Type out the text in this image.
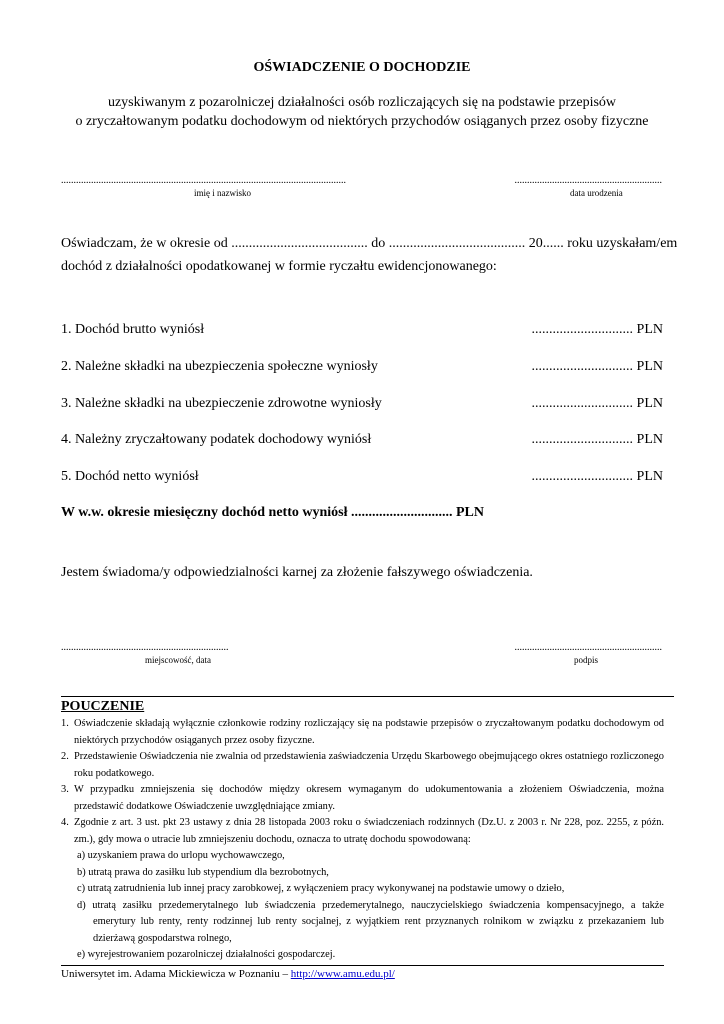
OŚWIADCZENIE O DOCHODZIE
uzyskiwanym z pozarolniczej działalności osób rozliczających się na podstawie przepisów
o zryczałtowanym podatku dochodowym od niektórych przychodów osiąganych przez osoby fizyczne
..................................................................................................................
imię i nazwisko
...........................................................
data urodzenia
Oświadczam, że w okresie od ....................................... do ....................................... 20...... roku uzyskałam/em
dochód z działalności opodatkowanej w formie ryczałtu ewidencjonowanego:
1. Dochód brutto wyniósł	............................. PLN
2. Należne składki na ubezpieczenia społeczne wyniosły	............................. PLN
3. Należne składki na ubezpieczenie zdrowotne wyniosły	............................. PLN
4. Należny zryczałtowany podatek dochodowy wyniósł	............................. PLN
5. Dochód netto wyniósł	............................. PLN
W w.w. okresie miesięczny dochód netto wyniósł ............................. PLN
Jestem świadoma/y odpowiedzialności karnej za złożenie fałszywego oświadczenia.
...................................................................
miejscowość, data
...........................................................
podpis
POUCZENIE
1. Oświadczenie składają wyłącznie członkowie rodziny rozliczający się na podstawie przepisów o zryczałtowanym podatku dochodowym od niektórych przychodów osiąganych przez osoby fizyczne.
2. Przedstawienie Oświadczenia nie zwalnia od przedstawienia zaświadczenia Urzędu Skarbowego obejmującego okres ostatniego rozliczonego roku podatkowego.
3. W przypadku zmniejszenia się dochodów między okresem wymaganym do udokumentowania a złożeniem Oświadczenia, można przedstawić dodatkowe Oświadczenie uwzględniające zmiany.
4. Zgodnie z art. 3 ust. pkt 23 ustawy z dnia 28 listopada 2003 roku o świadczeniach rodzinnych (Dz.U. z 2003 r. Nr 228, poz. 2255, z późn. zm.), gdy mowa o utracie lub zmniejszeniu dochodu, oznacza to utratę dochodu spowodowaną:
a) uzyskaniem prawa do urlopu wychowawczego,
b) utratą prawa do zasiłku lub stypendium dla bezrobotnych,
c) utratą zatrudnienia lub innej pracy zarobkowej, z wyłączeniem pracy wykonywanej na podstawie umowy o dzieło,
d) utratą zasiłku przedemerytalnego lub świadczenia przedemerytalnego, nauczycielskiego świadczenia kompensacyjnego, a także emerytury lub renty, renty rodzinnej lub renty socjalnej, z wyjątkiem rent przyznanych rolnikom w związku z przekazaniem lub dzierżawą gospodarstwa rolnego,
e) wyrejestrowaniem pozarolniczej działalności gospodarczej.
Uniwersytet im. Adama Mickiewicza w Poznaniu – http://www.amu.edu.pl/
